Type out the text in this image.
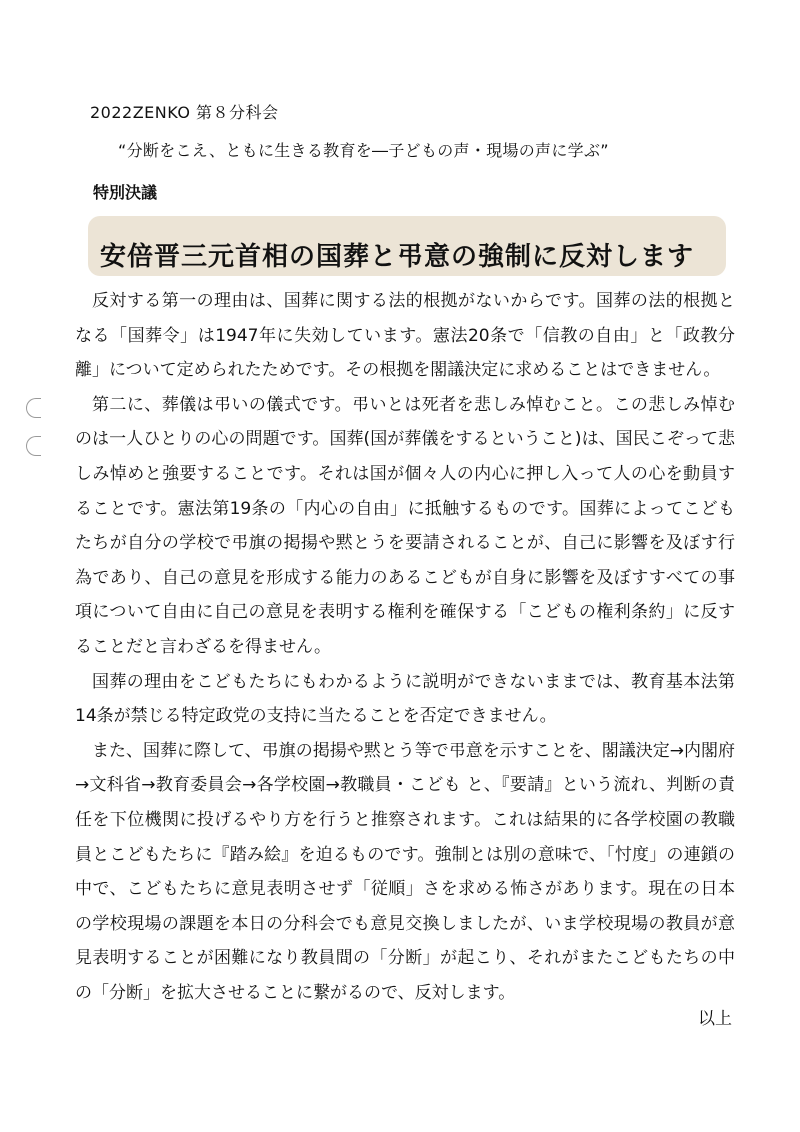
2022ZENKO 第８分科会
“分断をこえ、ともに生きる教育を―子どもの声・現場の声に学ぶ”
特別決議
安倍晋三元首相の国葬と弔意の強制に反対します

反対する第一の理由は、国葬に関する法的根拠がないからです。国葬の法的根拠となる「国葬令」は1947年に失効しています。憲法20条で「信教の自由」と「政教分離」について定められたためです。その根拠を閣議決定に求めることはできません。

第二に、葬儀は弔いの儀式です。弔いとは死者を悲しみ悼むこと。この悲しみ悼むのは一人ひとりの心の問題です。国葬(国が葬儀をするということ)は、国民こぞって悲しみ悼めと強要することです。それは国が個々人の内心に押し入って人の心を動員することです。憲法第19条の「内心の自由」に抵触するものです。国葬によってこどもたちが自分の学校で弔旗の掲揚や黙とうを要請されることが、自己に影響を及ぼす行為であり、自己の意見を形成する能力のあるこどもが自身に影響を及ぼすすべての事項について自由に自己の意見を表明する権利を確保する「こどもの権利条約」に反することだと言わざるを得ません。

国葬の理由をこどもたちにもわかるように説明ができないままでは、教育基本法第14条が禁じる特定政党の支持に当たることを否定できません。

また、国葬に際して、弔旗の掲揚や黙とう等で弔意を示すことを、閣議決定→内閣府→文科省→教育委員会→各学校園→教職員・こども と、『要請』という流れ、判断の責任を下位機関に投げるやり方を行うと推察されます。これは結果的に各学校園の教職員とこどもたちに『踏み絵』を迫るものです。強制とは別の意味で、「忖度」の連鎖の中で、こどもたちに意見表明させず「従順」さを求める怖さがあります。現在の日本の学校現場の課題を本日の分科会でも意見交換しましたが、いま学校現場の教員が意見表明することが困難になり教員間の「分断」が起こり、それがまたこどもたちの中の「分断」を拡大させることに繋がるので、反対します。

以上
